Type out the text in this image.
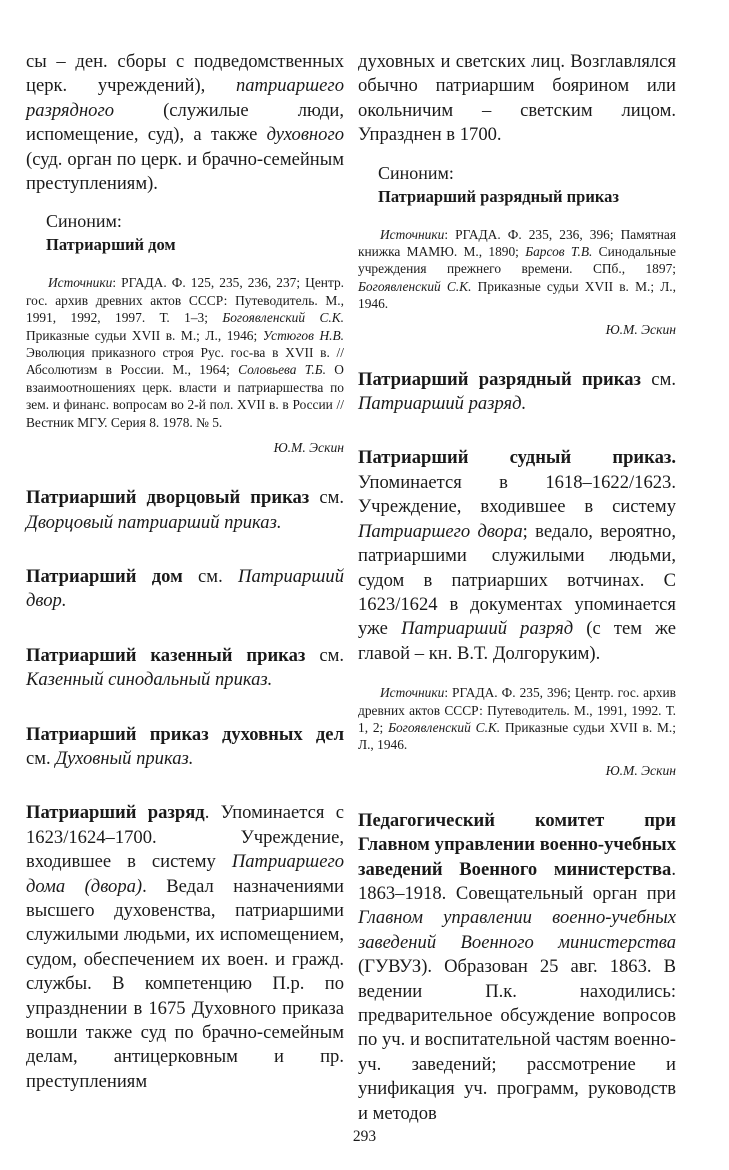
сы – ден. сборы с подведомственных церк. учреждений), патриаршего разрядного (служилые люди, испомещение, суд), а также духовного (суд. орган по церк. и брачно-семейным преступлениям).

Синоним:
Патриарший дом

Источники: РГАДА. Ф. 125, 235, 236, 237; Центр. гос. архив древних актов СССР: Путеводитель. М., 1991, 1992, 1997. Т. 1–3; Богоявленский С.К. Приказные судьи XVII в. М.; Л., 1946; Устюгов Н.В. Эволюция приказного строя Рус. гос-ва в XVII в. // Абсолютизм в России. М., 1964; Соловьева Т.Б. О взаимоотношениях церк. власти и патриаршества по зем. и финанс. вопросам во 2-й пол. XVII в. в России // Вестник МГУ. Серия 8. 1978. № 5.

Ю.М. Эскин

Патриарший дворцовый приказ см. Дворцовый патриарший приказ.

Патриарший дом см. Патриарший двор.

Патриарший казенный приказ см. Казенный синодальный приказ.

Патриарший приказ духовных дел см. Духовный приказ.

Патриарший разряд. Упоминается с 1623/1624–1700. Учреждение, входившее в систему Патриаршего дома (двора). Ведал назначениями высшего духовенства, патриаршими служилыми людьми, их испомещением, судом, обеспечением их воен. и гражд. службы. В компетенцию П.р. по упразднении в 1675 Духовного приказа вошли также суд по брачно-семейным делам, антицерковным и пр. преступлениям

духовных и светских лиц. Возглавлялся обычно патриаршим боярином или окольничим – светским лицом. Упразднен в 1700.

Синоним:
Патриарший разрядный приказ

Источники: РГАДА. Ф. 235, 236, 396; Памятная книжка МАМЮ. М., 1890; Барсов Т.В. Синодальные учреждения прежнего времени. СПб., 1897; Богоявленский С.К. Приказные судьи XVII в. М.; Л., 1946.

Ю.М. Эскин

Патриарший разрядный приказ см. Патриарший разряд.

Патриарший судный приказ. Упоминается в 1618–1622/1623. Учреждение, входившее в систему Патриаршего двора; ведало, вероятно, патриаршими служилыми людьми, судом в патриарших вотчинах. С 1623/1624 в документах упоминается уже Патриарший разряд (с тем же главой – кн. В.Т. Долгоруким).

Источники: РГАДА. Ф. 235, 396; Центр. гос. архив древних актов СССР: Путеводитель. М., 1991, 1992. Т. 1, 2; Богоявленский С.К. Приказные судьи XVII в. М.; Л., 1946.

Ю.М. Эскин

Педагогический комитет при Главном управлении военно-учебных заведений Военного министерства. 1863–1918. Совещательный орган при Главном управлении военно-учебных заведений Военного министерства (ГУВУЗ). Образован 25 авг. 1863. В ведении П.к. находились: предварительное обсуждение вопросов по уч. и воспитательной частям военно-уч. заведений; рассмотрение и унификация уч. программ, руководств и методов

293
